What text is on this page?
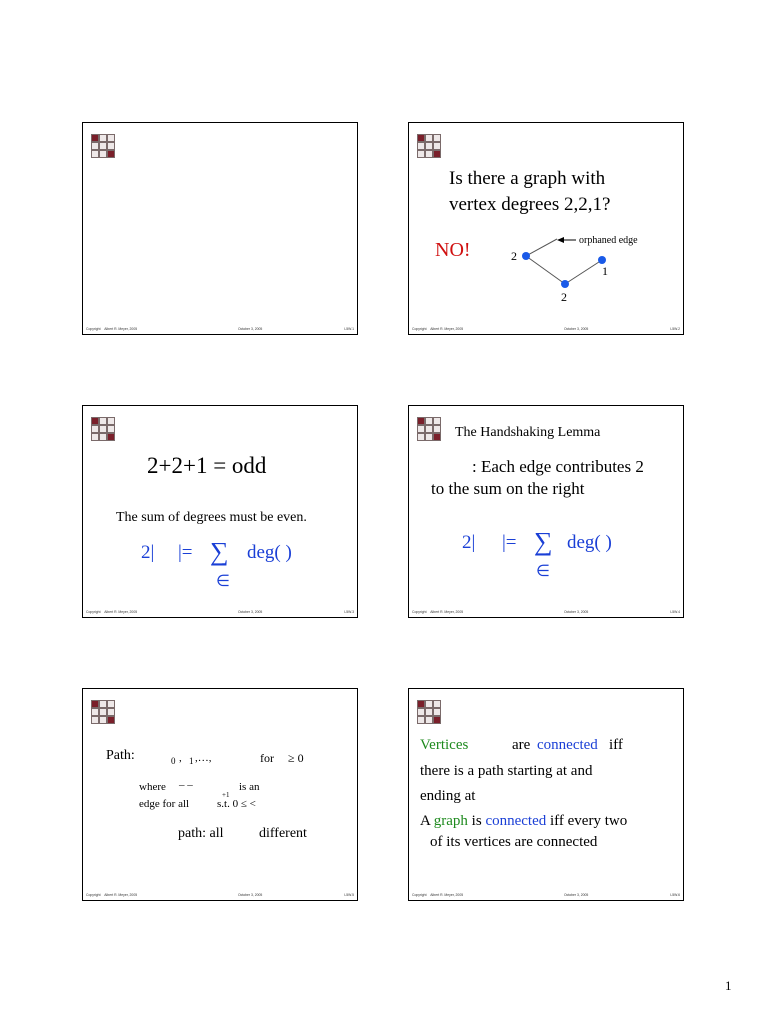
Copyright Albert R. Meyer, 2005	October 3, 2005	L5W.1
Is there a graph with
vertex degrees 2,2,1?
NO!	orphaned edge
2
1
2
Copyright Albert R. Meyer, 2005	October 3, 2005	L5W.2
2+2+1 = odd
The sum of degrees must be even.
2| |= ∑ deg( )
∈
Copyright Albert R. Meyer, 2005	October 3, 2005	L5W.3
The Handshaking Lemma
: Each edge contributes 2
to the sum on the right
2| |= ∑ deg( )
∈
Copyright Albert R. Meyer, 2005	October 3, 2005	L5W.4
Path:	0 , 1 ,…,	for ≥ 0
where – –
+1
is an
edge for all	s.t. 0 ≤ <
path: all	different
Copyright Albert R. Meyer, 2005	October 3, 2005	L5W.5
Vertices	are connected iff
there is a path starting at and
ending at
A graph is connected iff every two
of its vertices are connected
Copyright Albert R. Meyer, 2005	October 3, 2005	L5W.6
1
